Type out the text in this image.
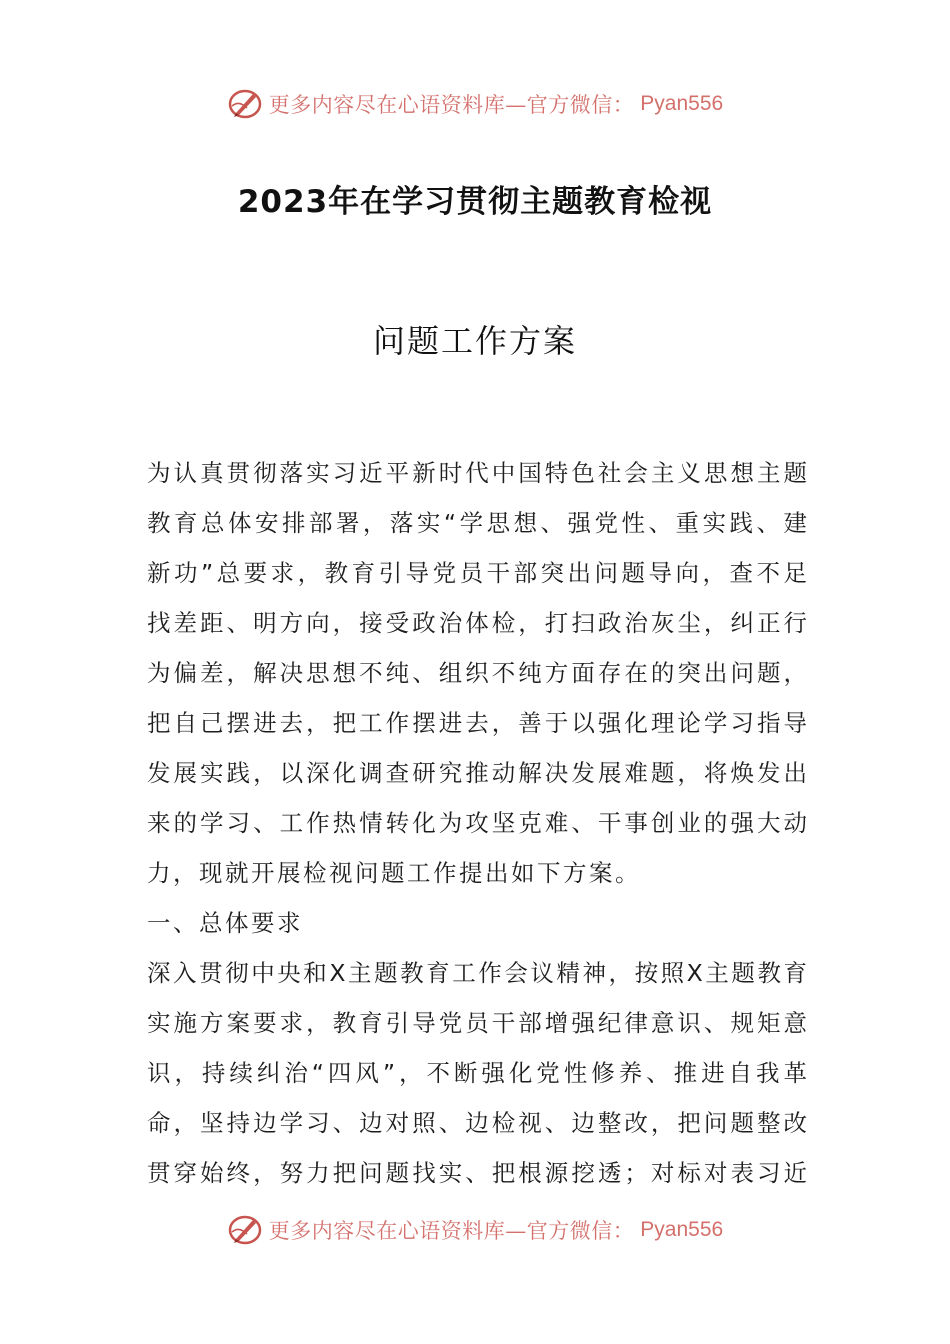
更多内容尽在心语资料库—官方微信： Pyan556
2023年在学习贯彻主题教育检视
问题工作方案
为认真贯彻落实习近平新时代中国特色社会主义思想主题
教育总体安排部署，落实“学思想、强党性、重实践、建
新功”总要求，教育引导党员干部突出问题导向，查不足
找差距、明方向，接受政治体检，打扫政治灰尘，纠正行
为偏差，解决思想不纯、组织不纯方面存在的突出问题，
把自己摆进去，把工作摆进去，善于以强化理论学习指导
发展实践，以深化调查研究推动解决发展难题，将焕发出
来的学习、工作热情转化为攻坚克难、干事创业的强大动
力，现就开展检视问题工作提出如下方案。
一、总体要求
深入贯彻中央和X主题教育工作会议精神，按照X主题教育
实施方案要求，教育引导党员干部增强纪律意识、规矩意
识，持续纠治“四风”，不断强化党性修养、推进自我革
命，坚持边学习、边对照、边检视、边整改，把问题整改
贯穿始终，努力把问题找实、把根源挖透；对标对表习近
更多内容尽在心语资料库—官方微信： Pyan556
